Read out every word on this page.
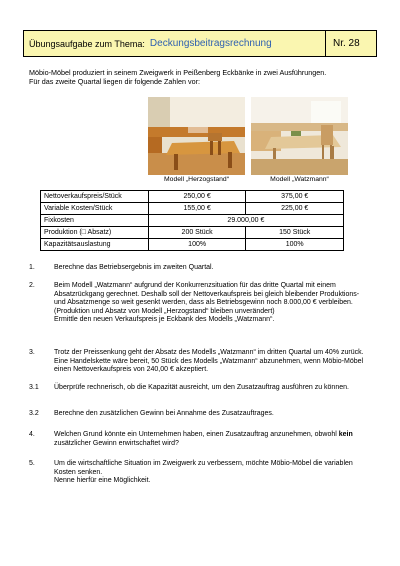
Übungsaufgabe zum Thema: Deckungsbeitragsrechnung	Nr. 28
Möbio-Möbel produziert in seinem Zweigwerk in Peißenberg Eckbänke in zwei Ausführungen.
Für das zweite Quartal liegen dir folgende Zahlen vor:
Modell „Herzogstand“	Modell „Watzmann“
Nettoverkaufspreis/Stück	250,00 €	375,00 €
Variable Kosten/Stück	155,00 €	225,00 €
Fixkosten	29.000,00 €	
Produktion (□ Absatz)	200 Stück	150 Stück
Kapazitätsauslastung	100%	100%
1.	Berechne das Betriebsergebnis im zweiten Quartal.

2.	Beim Modell „Watzmann“ aufgrund der Konkurrenzsituation für das dritte Quartal mit einem Absatzrückgang gerechnet. Deshalb soll der Nettoverkaufspreis bei gleich bleibender Produktions- und Absatzmenge so weit gesenkt werden, dass als Betriebsgewinn noch 8.000,00 € verbleiben. (Produktion und Absatz von Modell „Herzogstand“ bleiben unverändert)

Ermittle den neuen Verkaufspreis je Eckbank des Modells „Watzmann“.

3.	Trotz der Preissenkung geht der Absatz des Modells „Watzmann“ im dritten Quartal um 40% zurück. Eine Handelskette wäre bereit, 50 Stück des Modells „Watzmann“ abzunehmen, wenn Möbio-Möbel einen Nettoverkaufspreis von 240,00 € akzeptiert.

3.1	Überprüfe rechnerisch, ob die Kapazität ausreicht, um den Zusatzauftrag ausführen zu können.

3.2	Berechne den zusätzlichen Gewinn bei Annahme des Zusatzauftrages.

4.	Welchen Grund könnte ein Unternehmen haben, einen Zusatzauftrag anzunehmen, obwohl kein zusätzlicher Gewinn erwirtschaftet wird?

5.	Um die wirtschaftliche Situation im Zweigwerk zu verbessern, möchte Möbio-Möbel die variablen Kosten senken.

Nenne hierfür eine Möglichkeit.
